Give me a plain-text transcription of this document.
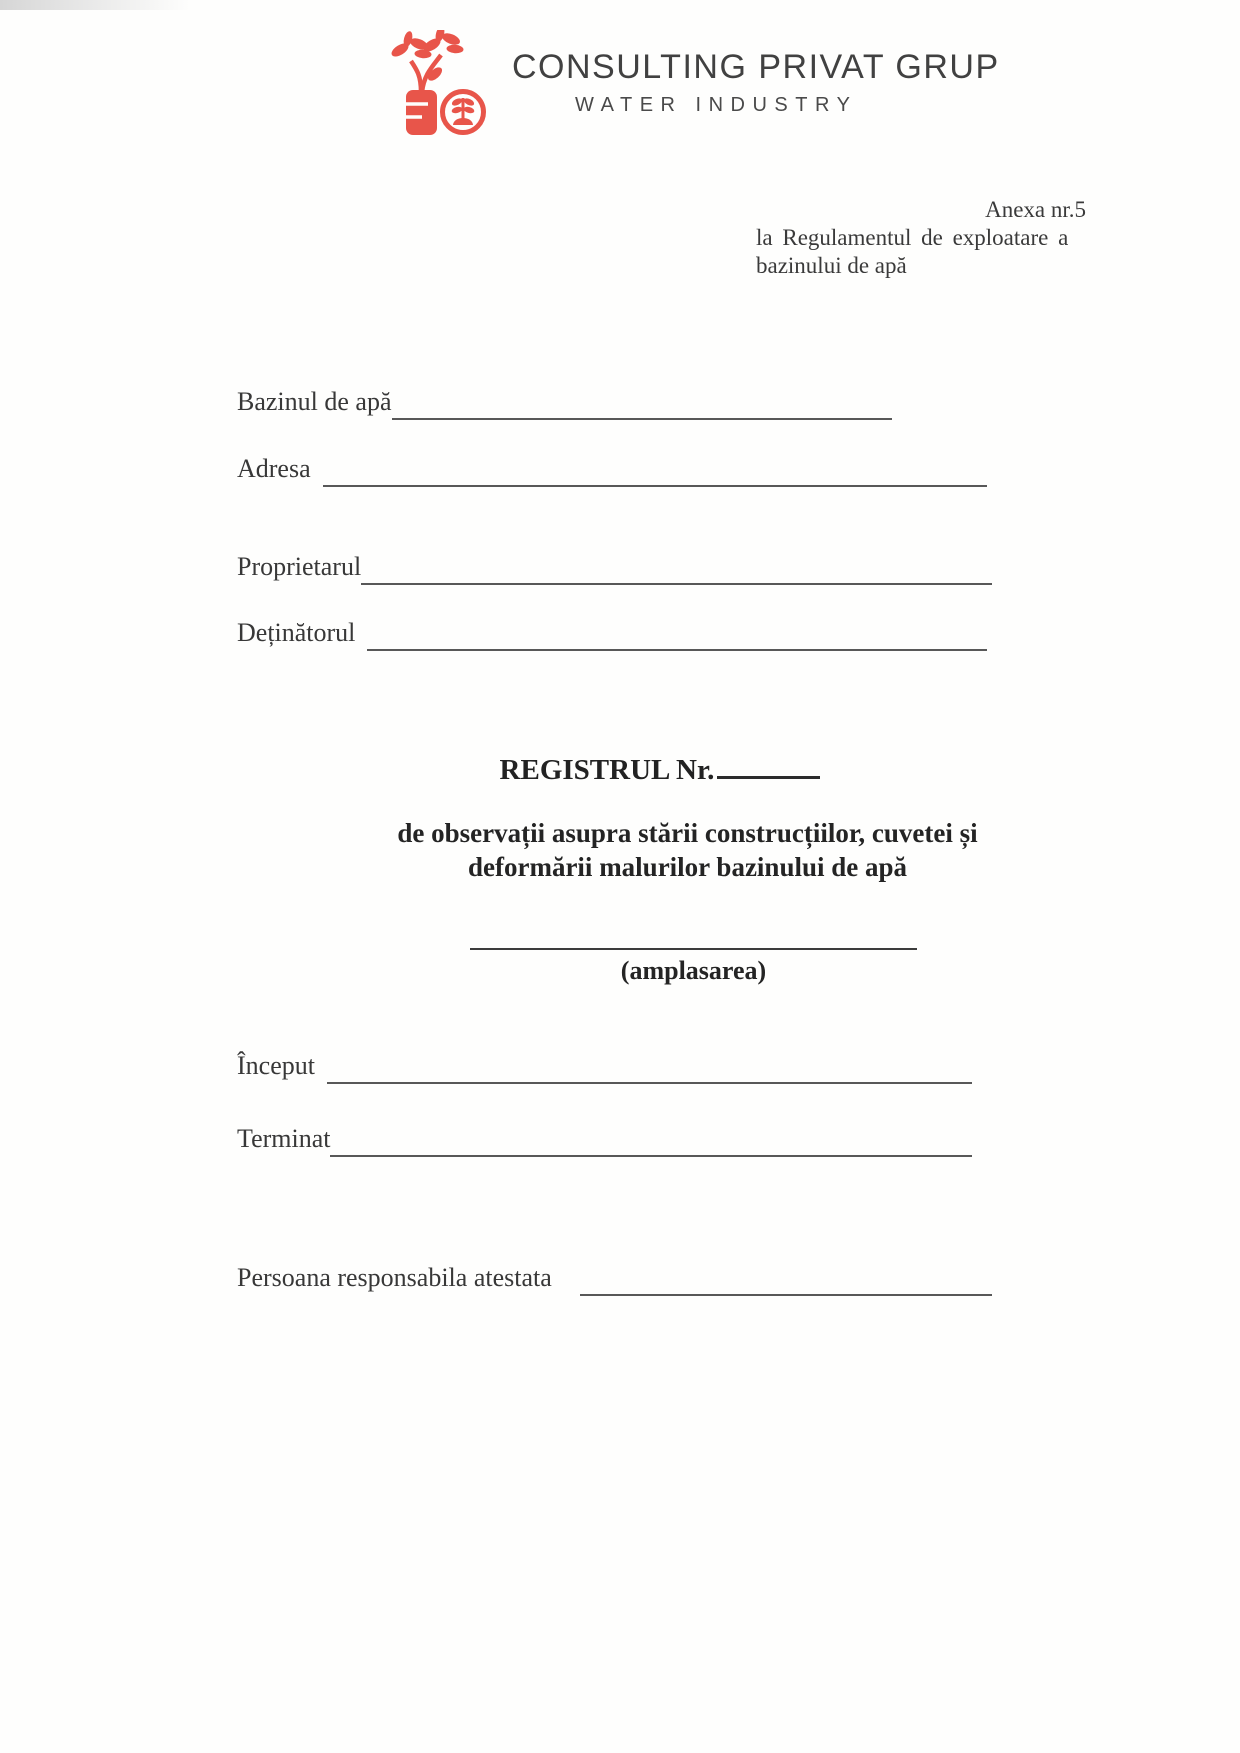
CONSULTING PRIVAT GRUP
WATER INDUSTRY
Anexa nr.5
la Regulamentul de exploatare a
bazinului de apă
Bazinul de apă
Adresa
Proprietarul
Deținătorul
REGISTRUL Nr.
de observații asupra stării construcțiilor, cuvetei și
deformării malurilor bazinului de apă
(amplasarea)
Început
Terminat
Persoana responsabila atestata
